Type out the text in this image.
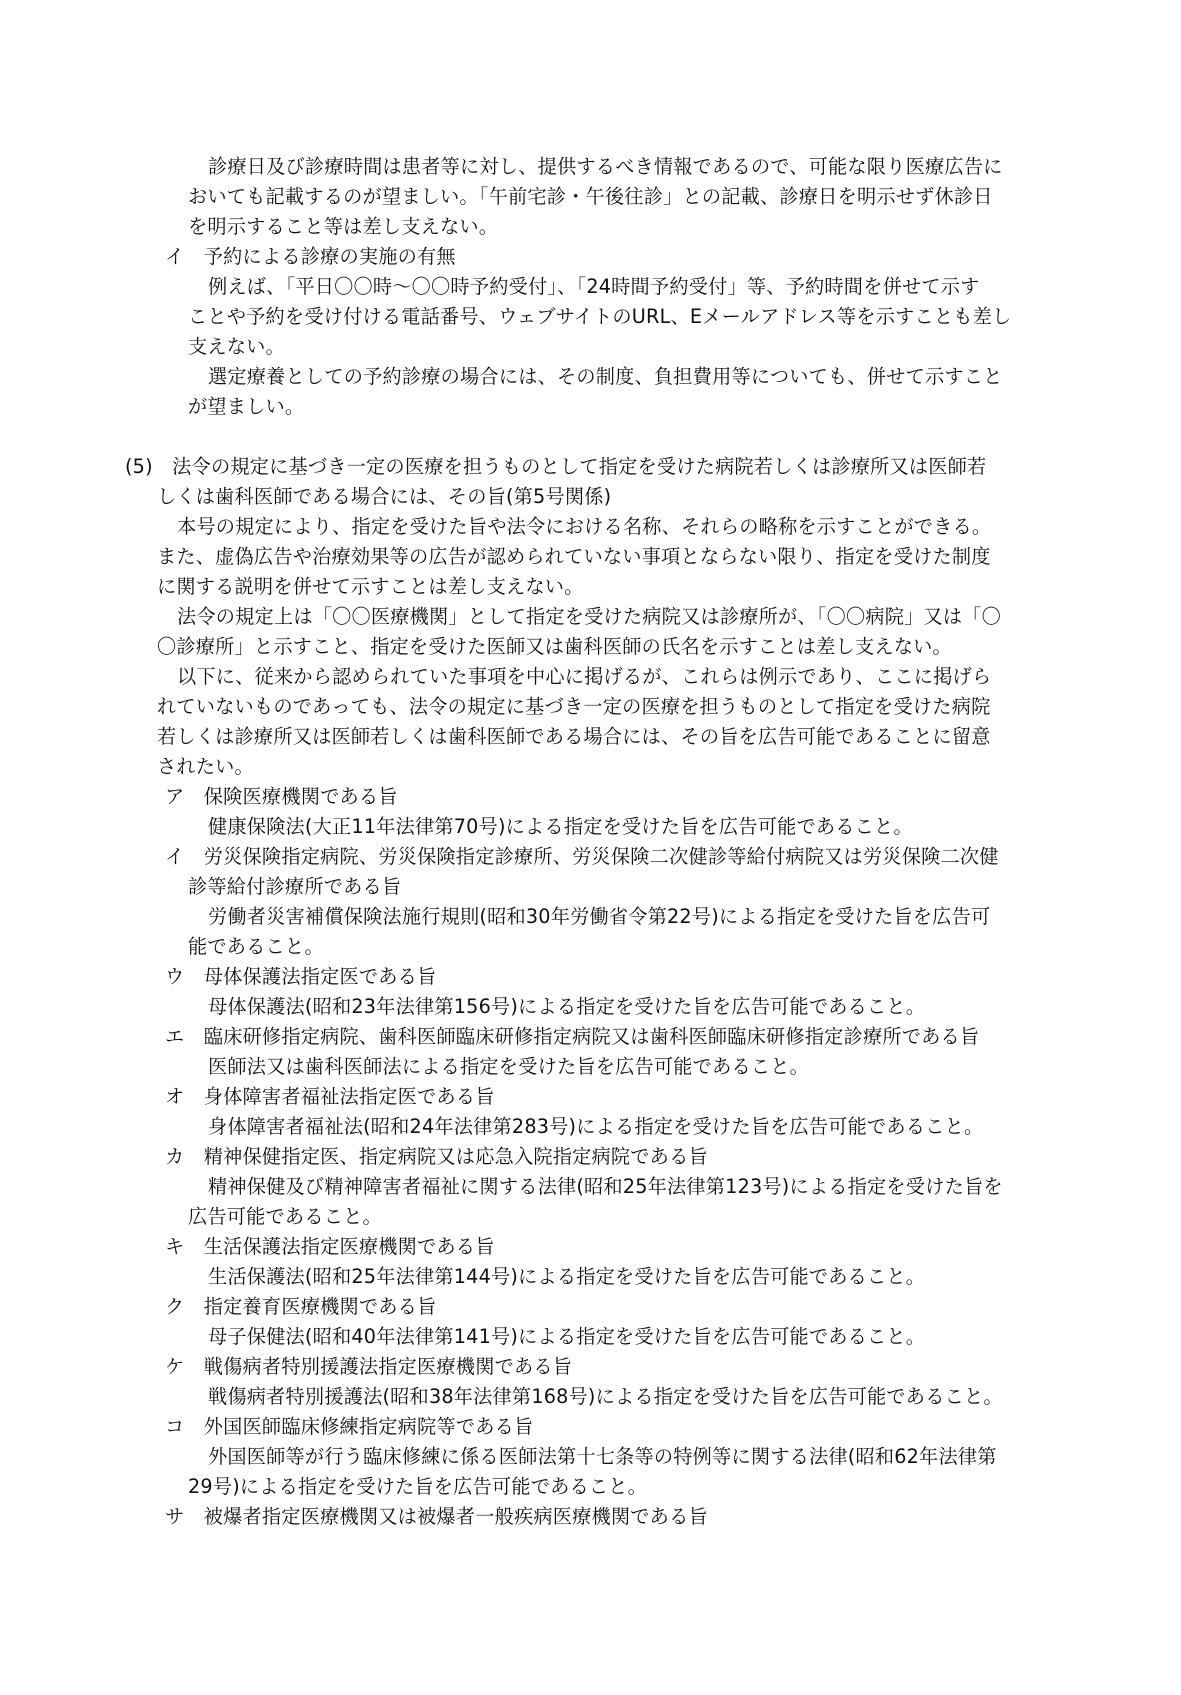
診療日及び診療時間は患者等に対し、提供するべき情報であるので、可能な限り医療広告に

おいても記載するのが望ましい。「午前宅診・午後往診」との記載、診療日を明示せず休診日

を明示すること等は差し支えない。

イ　予約による診療の実施の有無

例えば、「平日〇〇時～〇〇時予約受付」、「24時間予約受付」等、予約時間を併せて示す

ことや予約を受け付ける電話番号、ウェブサイトのURL、Eメールアドレス等を示すことも差し

支えない。

選定療養としての予約診療の場合には、その制度、負担費用等についても、併せて示すこと

が望ましい。

(5)　法令の規定に基づき一定の医療を担うものとして指定を受けた病院若しくは診療所又は医師若

しくは歯科医師である場合には、その旨(第5号関係)

本号の規定により、指定を受けた旨や法令における名称、それらの略称を示すことができる。

また、虚偽広告や治療効果等の広告が認められていない事項とならない限り、指定を受けた制度

に関する説明を併せて示すことは差し支えない。

法令の規定上は「〇〇医療機関」として指定を受けた病院又は診療所が、「〇〇病院」又は「〇

〇診療所」と示すこと、指定を受けた医師又は歯科医師の氏名を示すことは差し支えない。

以下に、従来から認められていた事項を中心に掲げるが、これらは例示であり、ここに掲げら

れていないものであっても、法令の規定に基づき一定の医療を担うものとして指定を受けた病院

若しくは診療所又は医師若しくは歯科医師である場合には、その旨を広告可能であることに留意

されたい。

ア　保険医療機関である旨

健康保険法(大正11年法律第70号)による指定を受けた旨を広告可能であること。

イ　労災保険指定病院、労災保険指定診療所、労災保険二次健診等給付病院又は労災保険二次健

診等給付診療所である旨

労働者災害補償保険法施行規則(昭和30年労働省令第22号)による指定を受けた旨を広告可

能であること。

ウ　母体保護法指定医である旨

母体保護法(昭和23年法律第156号)による指定を受けた旨を広告可能であること。

エ　臨床研修指定病院、歯科医師臨床研修指定病院又は歯科医師臨床研修指定診療所である旨

医師法又は歯科医師法による指定を受けた旨を広告可能であること。

オ　身体障害者福祉法指定医である旨

身体障害者福祉法(昭和24年法律第283号)による指定を受けた旨を広告可能であること。

カ　精神保健指定医、指定病院又は応急入院指定病院である旨

精神保健及び精神障害者福祉に関する法律(昭和25年法律第123号)による指定を受けた旨を

広告可能であること。

キ　生活保護法指定医療機関である旨

生活保護法(昭和25年法律第144号)による指定を受けた旨を広告可能であること。

ク　指定養育医療機関である旨

母子保健法(昭和40年法律第141号)による指定を受けた旨を広告可能であること。

ケ　戦傷病者特別援護法指定医療機関である旨

戦傷病者特別援護法(昭和38年法律第168号)による指定を受けた旨を広告可能であること。

コ　外国医師臨床修練指定病院等である旨

外国医師等が行う臨床修練に係る医師法第十七条等の特例等に関する法律(昭和62年法律第

29号)による指定を受けた旨を広告可能であること。

サ　被爆者指定医療機関又は被爆者一般疾病医療機関である旨
